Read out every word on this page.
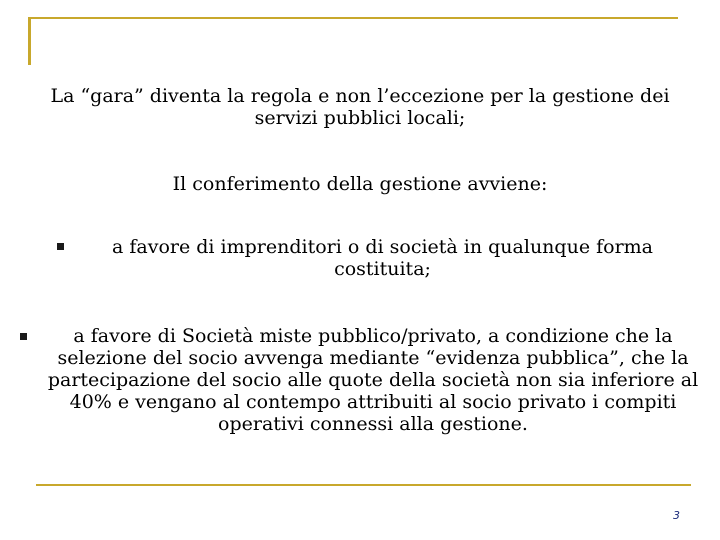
La “gara” diventa la regola e non l’eccezione per la gestione dei servizi pubblici locali;
Il conferimento della gestione avviene:
a favore di imprenditori o di società in qualunque forma costituita;
a favore di Società miste pubblico/privato, a condizione che la selezione del socio avvenga mediante “evidenza pubblica”, che la partecipazione del socio alle quote della società non sia inferiore al 40% e vengano al contempo attribuiti al socio privato i compiti operativi connessi alla gestione.
3
